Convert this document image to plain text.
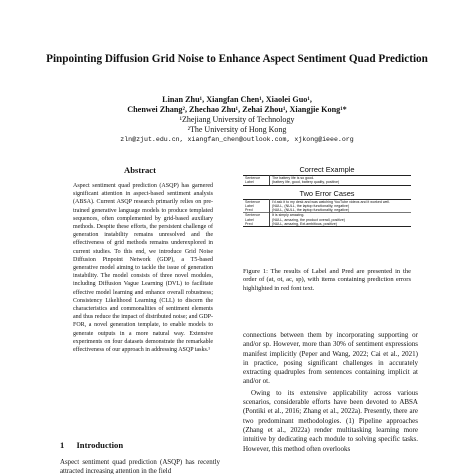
Pinpointing Diffusion Grid Noise to Enhance Aspect Sentiment Quad Prediction
Linan Zhu¹, Xiangfan Chen¹, Xiaolei Guo¹,
Chenwei Zhang², Zhechao Zhu¹, Zehai Zhou¹, Xiangjie Kong¹*
¹Zhejiang University of Technology
²The University of Hong Kong
zln@zjut.edu.cn, xiangfan_chen@outlook.com, xjkong@ieee.org
Abstract
Aspect sentiment quad prediction (ASQP) has garnered significant attention in aspect-based sentiment analysis (ABSA). Current ASQP research primarily relies on pre-trained generative language models to produce templated sequences, often complemented by grid-based auxiliary methods. Despite these efforts, the persistent challenge of generation instability remains unresolved and the effectiveness of grid methods remains underexplored in current studies. To this end, we introduce Grid Noise Diffusion Pinpoint Network (GDP), a T5-based generative model aiming to tackle the issue of generation instability. The model consists of three novel modules, including Diffusion Vague Learning (DVL) to facilitate effective model learning and enhance overall robustness; Consistency Likelihood Learning (CLL) to discern the characteristics and commonalities of sentiment elements and thus reduce the impact of distributed noise; and GDP-FOR, a novel generation template, to enable models to generate outputs in a more natural way. Extensive experiments on four datasets demonstrate the remarkable effectiveness of our approach in addressing ASQP tasks.¹
1 Introduction
Aspect sentiment quad prediction (ASQP) has recently attracted increasing attention in the field
Correct Example
Sentence	The battery life is so good.
Label	(battery life, good, battery quality, positive)
Two Error Cases
Sentence	I'd ask it to my desk and was watching YouTube videos and it worked well.
Label	(NULL, (NULL, the laptop functionality, negative)
Pred	(NULL, (NULL, the laptop functionality, negative)
Sentence	It is simply amazing.
Label	(NULL, amazing, the product overall, positive)
Pred	(NULL, amazing, Ext.ambitious, positive)
Figure 1: The results of Label and Pred are presented in the order of (at, ot, ac, sp), with items containing prediction errors highlighted in red font text.

connections between them by incorporating supporting or and/or sp. However, more than 30% of sentiment expressions manifest implicitly (Peper and Wang, 2022; Cai et al., 2021) in practice, posing significant challenges in accurately extracting quadruples from sentences containing implicit at and/or ot.

Owing to its extensive applicability across various scenarios, considerable efforts have been devoted to ABSA (Pontiki et al., 2016; Zhang et al., 2022a). Presently, there are two predominant methodologies. (1) Pipeline approaches (Zhang et al., 2022a) render multitasking learning more intuitive by dedicating each module to solving specific tasks. However, this method often overlooks
